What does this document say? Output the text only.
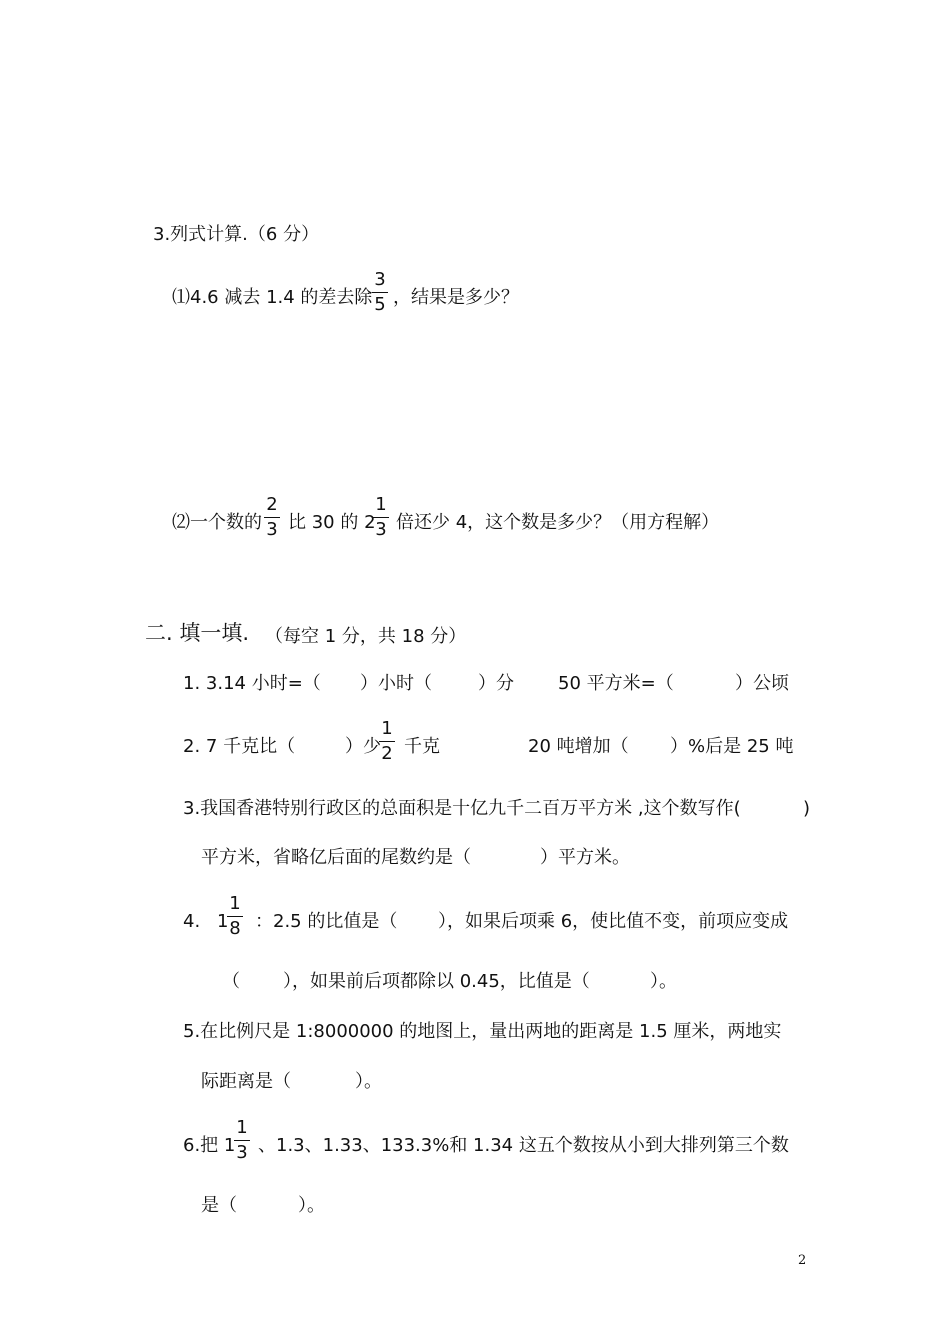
3.列式计算.（6 分）
⑴4.6 减去 1.4 的差去除
3
5 ，结果是多少？
⑵一个数的
2
3 比 30 的 2
1
3 倍还少 4，这个数是多少？（用方程解）
二. 填一填. （每空 1 分，共 18 分）
1. 3.14 小时=（ ）小时（	）分 50 平方米=（	）公顷
2. 7 千克比（	）少
1
2 千克	20 吨增加（ ）%后是 25 吨
3.我国香港特别行政区的总面积是十亿九千二百万平方米 ,这个数写作(	)
平方米，省略亿后面的尾数约是（	）平方米。
4. 1
1
8 ：2.5 的比值是（ ），如果后项乘 6，使比值不变，前项应变成
（ ），如果前后项都除以 0.45，比值是（	）。
5.在比例尺是 1:8000000 的地图上，量出两地的距离是 1.5 厘米，两地实
际距离是（	）。
6.把 1
1
3 、1.3、1.33、133.3%和 1.34 这五个数按从小到大排列第三个数
是（	）。
2
